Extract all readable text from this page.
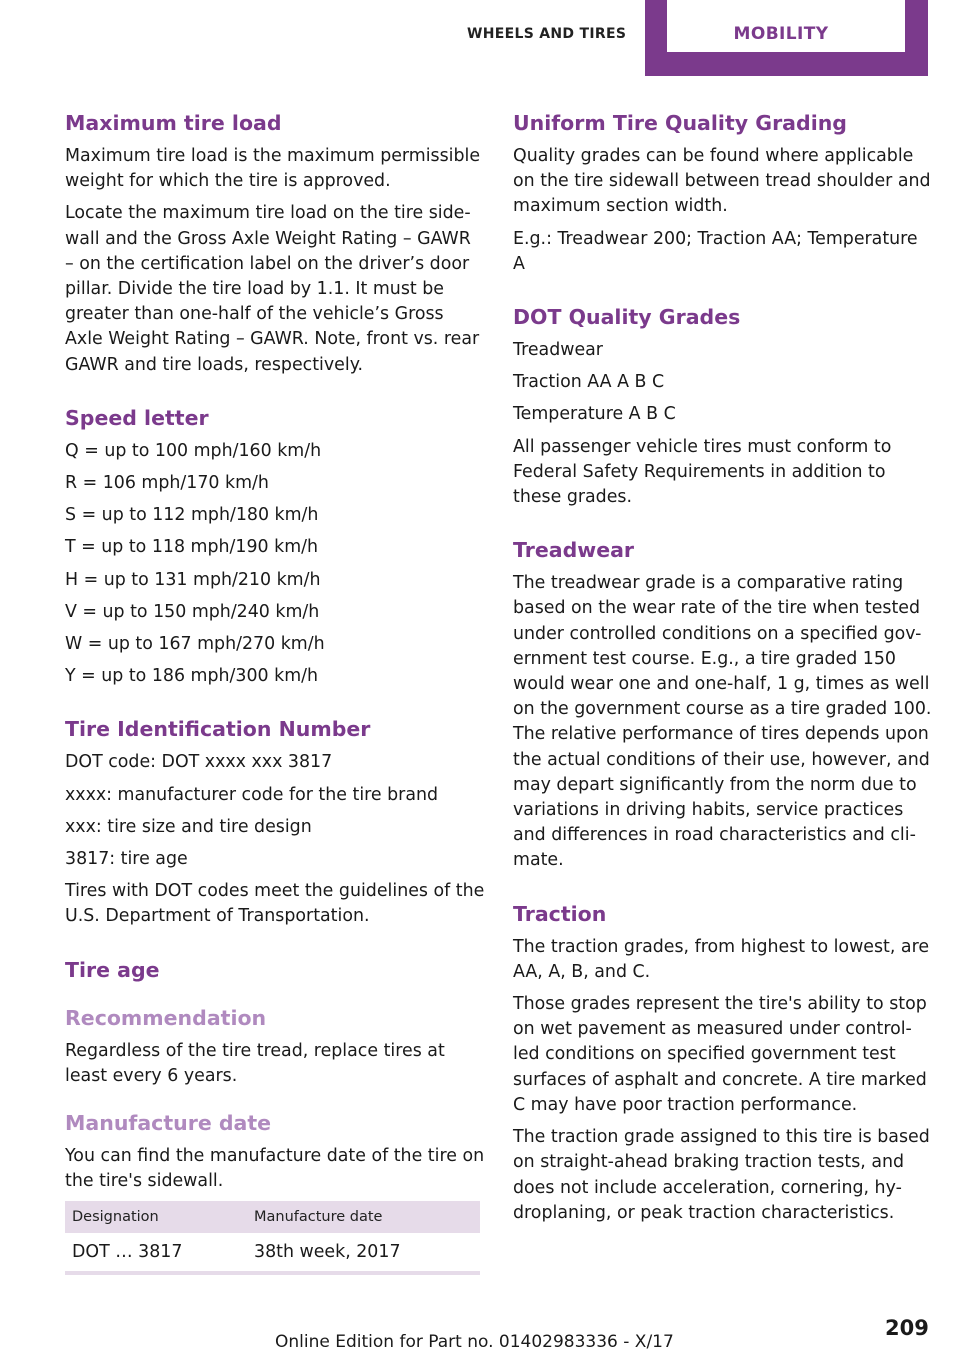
WHEELS AND TIRES	MOBILITY
Maximum tire load

Maximum tire load is the maximum permissible weight for which the tire is approved.

Locate the maximum tire load on the tire side-wall and the Gross Axle Weight Rating – GAWR – on the certification label on the driver’s door pillar. Divide the tire load by 1.1. It must be greater than one-half of the vehicle’s Gross Axle Weight Rating – GAWR. Note, front vs. rear GAWR and tire loads, respectively.

Speed letter

Q = up to 100 mph/160 km/h

R = 106 mph/170 km/h

S = up to 112 mph/180 km/h

T = up to 118 mph/190 km/h

H = up to 131 mph/210 km/h

V = up to 150 mph/240 km/h

W = up to 167 mph/270 km/h

Y = up to 186 mph/300 km/h

Tire Identification Number

DOT code: DOT xxxx xxx 3817

xxxx: manufacturer code for the tire brand

xxx: tire size and tire design

3817: tire age

Tires with DOT codes meet the guidelines of the U.S. Department of Transportation.

Tire age
Recommendation

Regardless of the tire tread, replace tires at least every 6 years.

Manufacture date

You can find the manufacture date of the tire on the tire's sidewall.

Designation	Manufacture date
DOT … 3817	38th week, 2017
Uniform Tire Quality Grading

Quality grades can be found where applicable on the tire sidewall between tread shoulder and maximum section width.

E.g.: Treadwear 200; Traction AA; Temperature A

DOT Quality Grades

Treadwear

Traction AA A B C

Temperature A B C

All passenger vehicle tires must conform to Federal Safety Requirements in addition to these grades.

Treadwear

The treadwear grade is a comparative rating based on the wear rate of the tire when tested under controlled conditions on a specified gov-ernment test course. E.g., a tire graded 150 would wear one and one-half, 1 g, times as well on the government course as a tire graded 100. The relative performance of tires depends upon the actual conditions of their use, however, and may depart significantly from the norm due to variations in driving habits, service practices and differences in road characteristics and cli-mate.

Traction

The traction grades, from highest to lowest, are AA, A, B, and C.

Those grades represent the tire's ability to stop on wet pavement as measured under control-led conditions on specified government test surfaces of asphalt and concrete. A tire marked C may have poor traction performance.

The traction grade assigned to this tire is based on straight-ahead braking traction tests, and does not include acceleration, cornering, hy-droplaning, or peak traction characteristics.

209
Online Edition for Part no. 01402983336 - X/17
